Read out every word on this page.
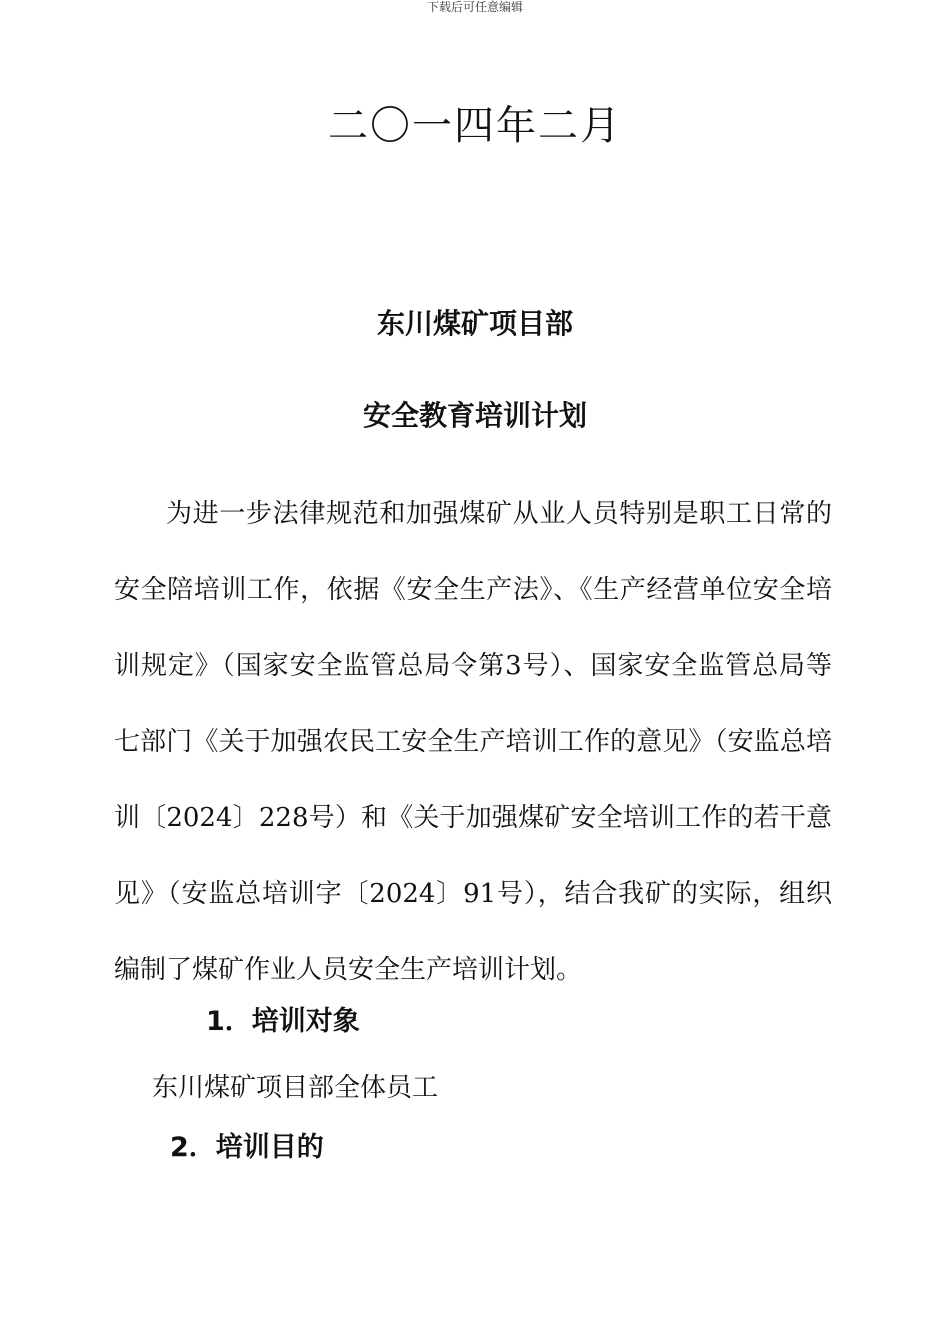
下载后可任意编辑
二〇一四年二月
东川煤矿项目部
安全教育培训计划

为进一步法律规范和加强煤矿从业人员特别是职工日常的安全陪培训工作，依据《安全生产法》、《生产经营单位安全培训规定》（国家安全监管总局令第3号）、国家安全监管总局等七部门《关于加强农民工安全生产培训工作的意见》（安监总培训〔2024〕228号）和《关于加强煤矿安全培训工作的若干意见》（安监总培训字〔2024〕91号），结合我矿的实际，组织编制了煤矿作业人员安全生产培训计划。

1．培训对象
东川煤矿项目部全体员工
2．培训目的
